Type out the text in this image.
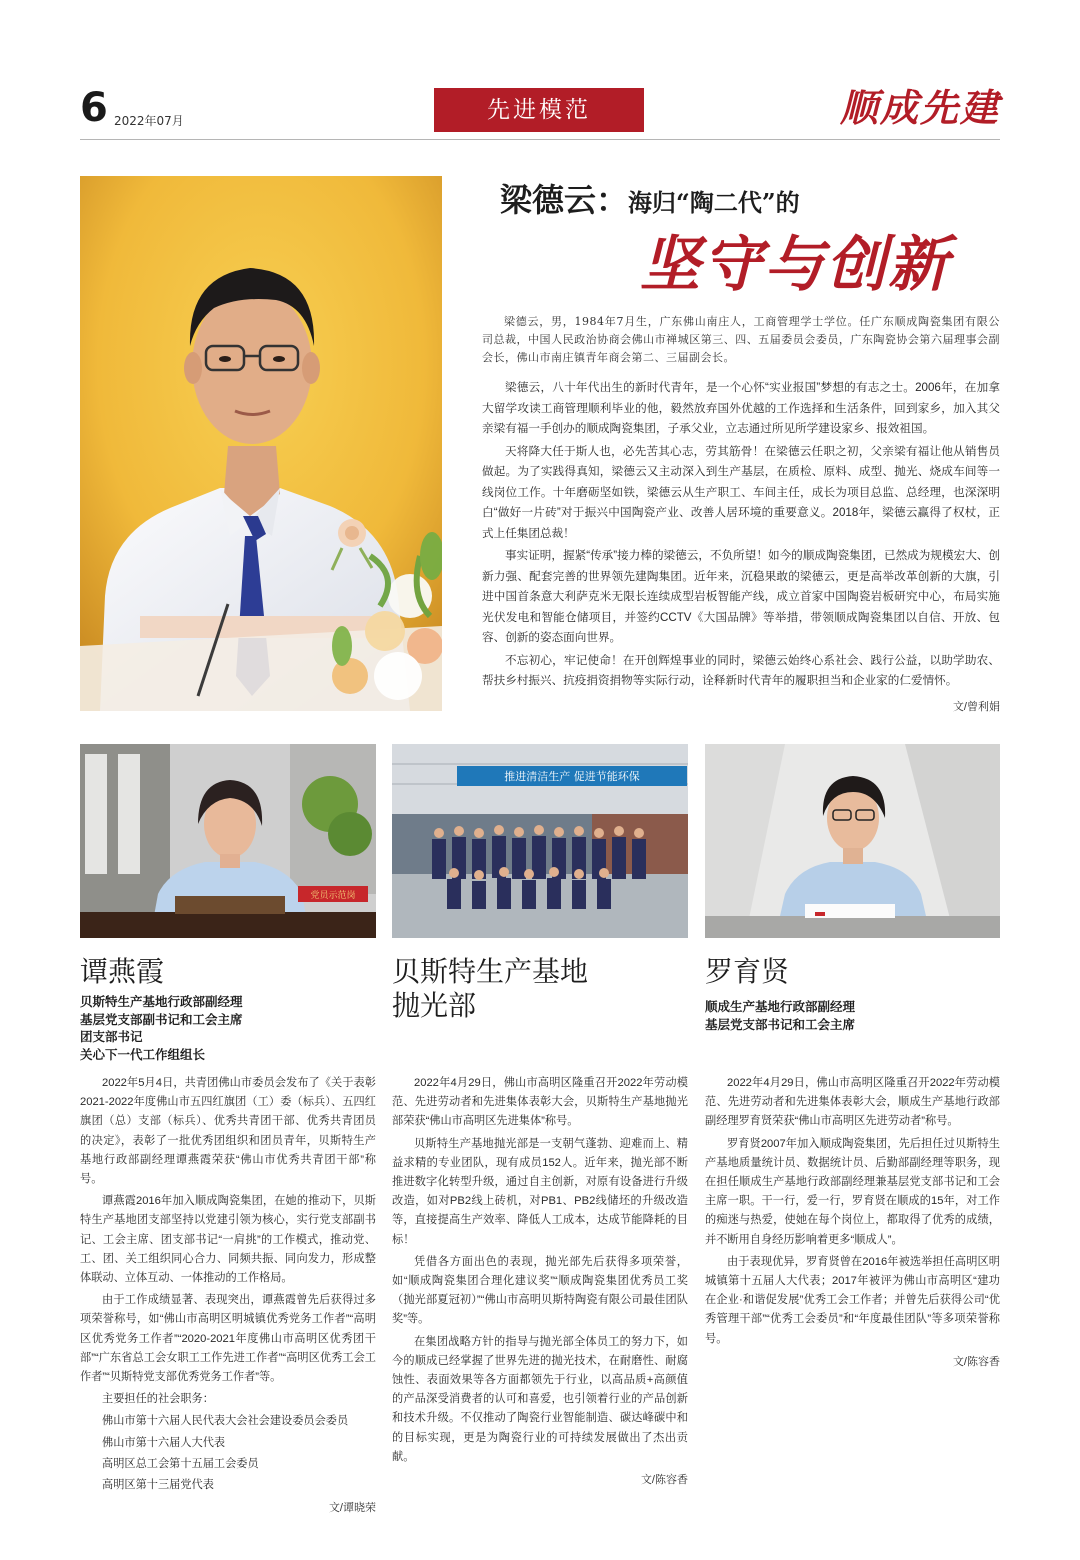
6 2022年07月	先进模范	顺成先建
梁德云：海归“陶二代”的
坚守与创新
梁德云，男，1984年7月生，广东佛山南庄人，工商管理学士学位。任广东顺成陶瓷集团有限公司总裁，中国人民政治协商会佛山市禅城区第三、四、五届委员会委员，广东陶瓷协会第六届理事会副会长，佛山市南庄镇青年商会第二、三届副会长。

梁德云，八十年代出生的新时代青年，是一个心怀“实业报国”梦想的有志之士。2006年，在加拿大留学攻读工商管理顺利毕业的他，毅然放弃国外优越的工作选择和生活条件，回到家乡，加入其父亲梁有福一手创办的顺成陶瓷集团，子承父业，立志通过所见所学建设家乡、报效祖国。

天将降大任于斯人也，必先苦其心志，劳其筋骨！在梁德云任职之初，父亲梁有福让他从销售员做起。为了实践得真知，梁德云又主动深入到生产基层，在质检、原料、成型、抛光、烧成车间等一线岗位工作。十年磨砺坚如铁，梁德云从生产职工、车间主任，成长为项目总监、总经理，也深深明白“做好一片砖”对于振兴中国陶瓷产业、改善人居环境的重要意义。2018年，梁德云赢得了权杖，正式上任集团总裁！

事实证明，握紧“传承”接力棒的梁德云，不负所望！如今的顺成陶瓷集团，已然成为规模宏大、创新力强、配套完善的世界领先建陶集团。近年来，沉稳果敢的梁德云，更是高举改革创新的大旗，引进中国首条意大利萨克米无限长连续成型岩板智能产线，成立首家中国陶瓷岩板研究中心，布局实施光伏发电和智能仓储项目，并签约CCTV《大国品牌》等举措，带领顺成陶瓷集团以自信、开放、包容、创新的姿态面向世界。

不忘初心，牢记使命！在开创辉煌事业的同时，梁德云始终心系社会、践行公益，以助学助农、帮扶乡村振兴、抗疫捐资捐物等实际行动，诠释新时代青年的履职担当和企业家的仁爱情怀。

文/曾利娟
党员示范岗
推进清洁生产 促进节能环保
谭燕霞
贝斯特生产基地行政部副经理
基层党支部副书记和工会主席
团支部书记
关心下一代工作组组长

2022年5月4日，共青团佛山市委员会发布了《关于表彰2021-2022年度佛山市五四红旗团（工）委（标兵）、五四红旗团（总）支部（标兵）、优秀共青团干部、优秀共青团员的决定》，表彰了一批优秀团组织和团员青年，贝斯特生产基地行政部副经理谭燕霞荣获“佛山市优秀共青团干部”称号。

谭燕霞2016年加入顺成陶瓷集团，在她的推动下，贝斯特生产基地团支部坚持以党建引领为核心，实行党支部副书记、工会主席、团支部书记“一肩挑”的工作模式，推动党、工、团、关工组织同心合力、同频共振、同向发力，形成整体联动、立体互动、一体推动的工作格局。

由于工作成绩显著、表现突出，谭燕霞曾先后获得过多项荣誉称号，如“佛山市高明区明城镇优秀党务工作者”“高明区优秀党务工作者”“2020-2021年度佛山市高明区优秀团干部”“广东省总工会女职工工作先进工作者”“高明区优秀工会工作者”“贝斯特党支部优秀党务工作者”等。

主要担任的社会职务：

佛山市第十六届人民代表大会社会建设委员会委员
佛山市第十六届人大代表
高明区总工会第十五届工会委员
高明区第十三届党代表
文/谭晓荣
贝斯特生产基地
抛光部

2022年4月29日，佛山市高明区隆重召开2022年劳动模范、先进劳动者和先进集体表彰大会，贝斯特生产基地抛光部荣获“佛山市高明区先进集体”称号。

贝斯特生产基地抛光部是一支朝气蓬勃、迎难而上、精益求精的专业团队，现有成员152人。近年来，抛光部不断推进数字化转型升级，通过自主创新，对原有设备进行升级改造，如对PB2线上砖机，对PB1、PB2线储坯的升级改造等，直接提高生产效率、降低人工成本，达成节能降耗的目标！

凭借各方面出色的表现，抛光部先后获得多项荣誉，如“顺成陶瓷集团合理化建议奖”“顺成陶瓷集团优秀员工奖（抛光部夏冠初）”“佛山市高明贝斯特陶瓷有限公司最佳团队奖”等。

在集团战略方针的指导与抛光部全体员工的努力下，如今的顺成已经掌握了世界先进的抛光技术，在耐磨性、耐腐蚀性、表面效果等各方面都领先于行业，以高品质+高颜值的产品深受消费者的认可和喜爱，也引领着行业的产品创新和技术升级。不仅推动了陶瓷行业智能制造、碳达峰碳中和的目标实现，更是为陶瓷行业的可持续发展做出了杰出贡献。

文/陈容香
罗育贤
顺成生产基地行政部副经理
基层党支部书记和工会主席

2022年4月29日，佛山市高明区隆重召开2022年劳动模范、先进劳动者和先进集体表彰大会，顺成生产基地行政部副经理罗育贤荣获“佛山市高明区先进劳动者”称号。

罗育贤2007年加入顺成陶瓷集团，先后担任过贝斯特生产基地质量统计员、数据统计员、后勤部副经理等职务，现在担任顺成生产基地行政部副经理兼基层党支部书记和工会主席一职。干一行，爱一行，罗育贤在顺成的15年，对工作的痴迷与热爱，使她在每个岗位上，都取得了优秀的成绩，并不断用自身经历影响着更多“顺成人”。

由于表现优异，罗育贤曾在2016年被选举担任高明区明城镇第十五届人大代表；2017年被评为佛山市高明区“建功在企业·和谐促发展”优秀工会工作者；并曾先后获得公司“优秀管理干部”“优秀工会委员”和“年度最佳团队”等多项荣誉称号。

文/陈容香
